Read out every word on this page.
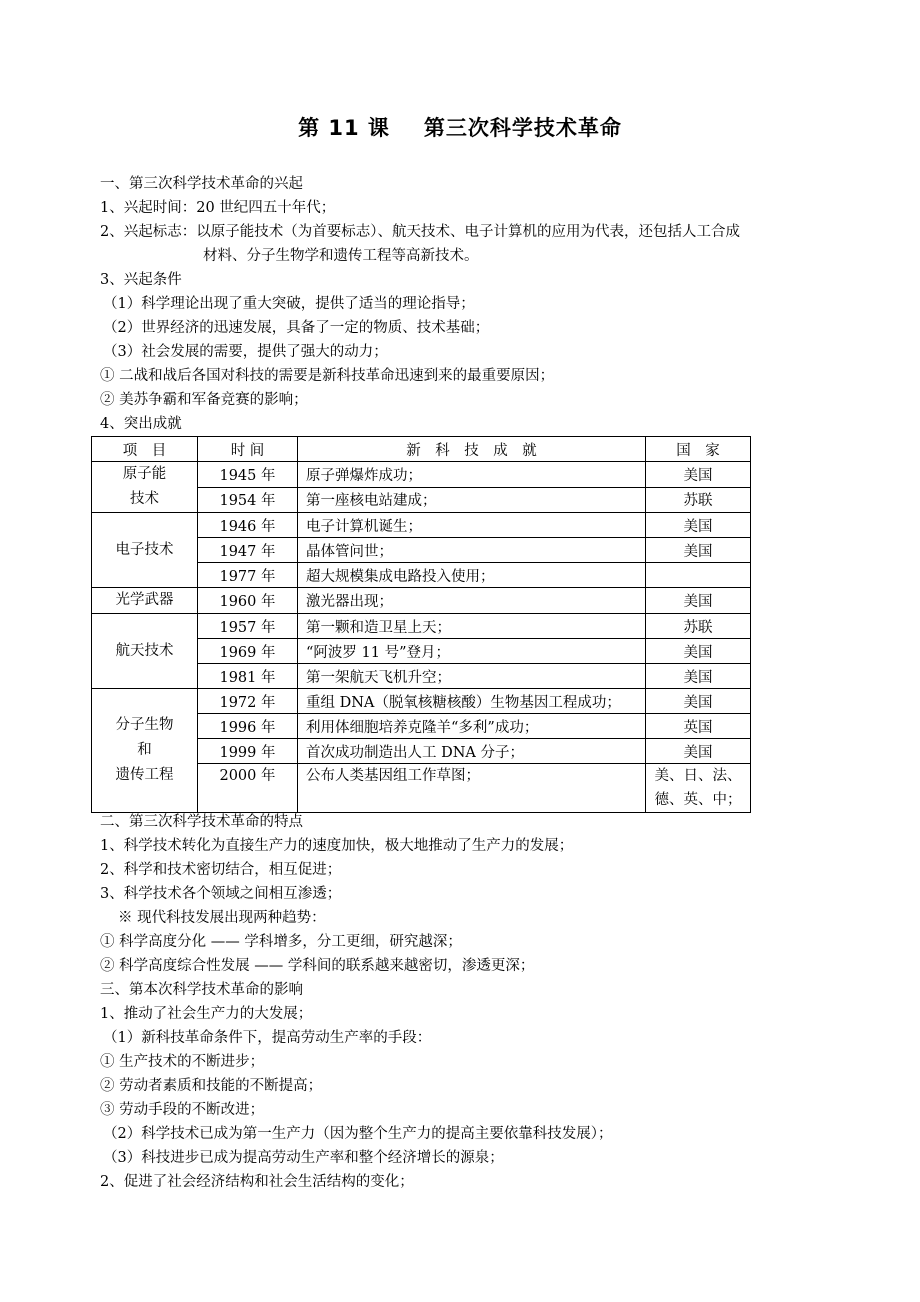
第 11 课 第三次科学技术革命
一、第三次科学技术革命的兴起
1、兴起时间：20 世纪四五十年代；
2、兴起标志：以原子能技术（为首要标志）、航天技术、电子计算机的应用为代表，还包括人工合成
材料、分子生物学和遗传工程等高新技术。
3、兴起条件
（1）科学理论出现了重大突破，提供了适当的理论指导；
（2）世界经济的迅速发展，具备了一定的物质、技术基础；
（3）社会发展的需要，提供了强大的动力；
① 二战和战后各国对科技的需要是新科技革命迅速到来的最重要原因；
② 美苏争霸和军备竞赛的影响；
4、突出成就
项　目	时 间	新　科　技　成　就	国　家
原子能
技术	1945 年	原子弹爆炸成功；	美国
	1954 年	第一座核电站建成；	苏联
电子技术	1946 年	电子计算机诞生；	美国
	1947 年	晶体管问世；	美国
	1977 年	超大规模集成电路投入使用；	
光学武器	1960 年	激光器出现；	美国
航天技术	1957 年	第一颗和造卫星上天；	苏联
	1969 年	“阿波罗 11 号”登月；	美国
	1981 年	第一架航天飞机升空；	美国
分子生物
和
遗传工程	1972 年	重组 DNA（脱氧核糖核酸）生物基因工程成功；	美国
	1996 年	利用体细胞培养克隆羊“多利”成功；	英国
	1999 年	首次成功制造出人工 DNA 分子；	美国
	2000 年	公布人类基因组工作草图；	美、日、法、
德、英、中；
二、第三次科学技术革命的特点
1、科学技术转化为直接生产力的速度加快，极大地推动了生产力的发展；
2、科学和技术密切结合，相互促进；
3、科学技术各个领域之间相互渗透；
※ 现代科技发展出现两种趋势：
① 科学高度分化 —— 学科增多，分工更细，研究越深；
② 科学高度综合性发展 —— 学科间的联系越来越密切，渗透更深；
三、第本次科学技术革命的影响
1、推动了社会生产力的大发展；
（1）新科技革命条件下，提高劳动生产率的手段：
① 生产技术的不断进步；
② 劳动者素质和技能的不断提高；
③ 劳动手段的不断改进；
（2）科学技术已成为第一生产力（因为整个生产力的提高主要依靠科技发展）；
（3）科技进步已成为提高劳动生产率和整个经济增长的源泉；
2、促进了社会经济结构和社会生活结构的变化；
